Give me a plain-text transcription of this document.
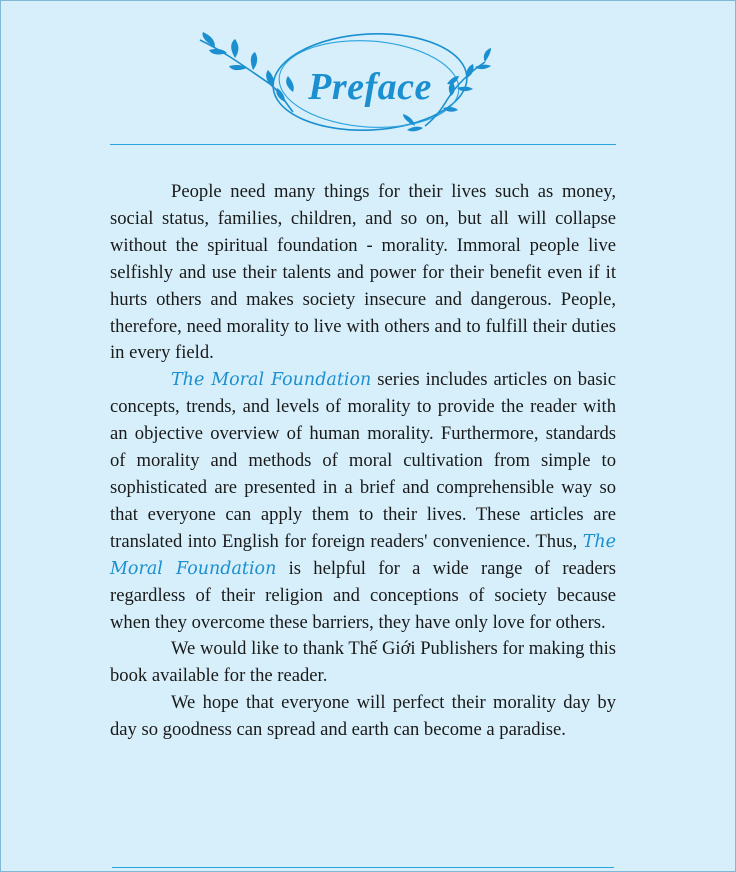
Preface

People need many things for their lives such as money, social status, families, children, and so on, but all will collapse without the spiritual foundation - morality. Immoral people live selfishly and use their talents and power for their benefit even if it hurts others and makes society insecure and dangerous. People, therefore, need morality to live with others and to fulfill their duties in every field.

The Moral Foundation series includes articles on basic concepts, trends, and levels of morality to provide the reader with an objective overview of human morality. Furthermore, standards of morality and methods of moral cultivation from simple to sophisticated are presented in a brief and comprehensible way so that everyone can apply them to their lives. These articles are translated into English for foreign readers' convenience. Thus, The Moral Foundation is helpful for a wide range of readers regardless of their religion and conceptions of society because when they overcome these barriers, they have only love for others.

We would like to thank Thế Giới Publishers for making this book available for the reader.

We hope that everyone will perfect their morality day by day so goodness can spread and earth can become a paradise.
